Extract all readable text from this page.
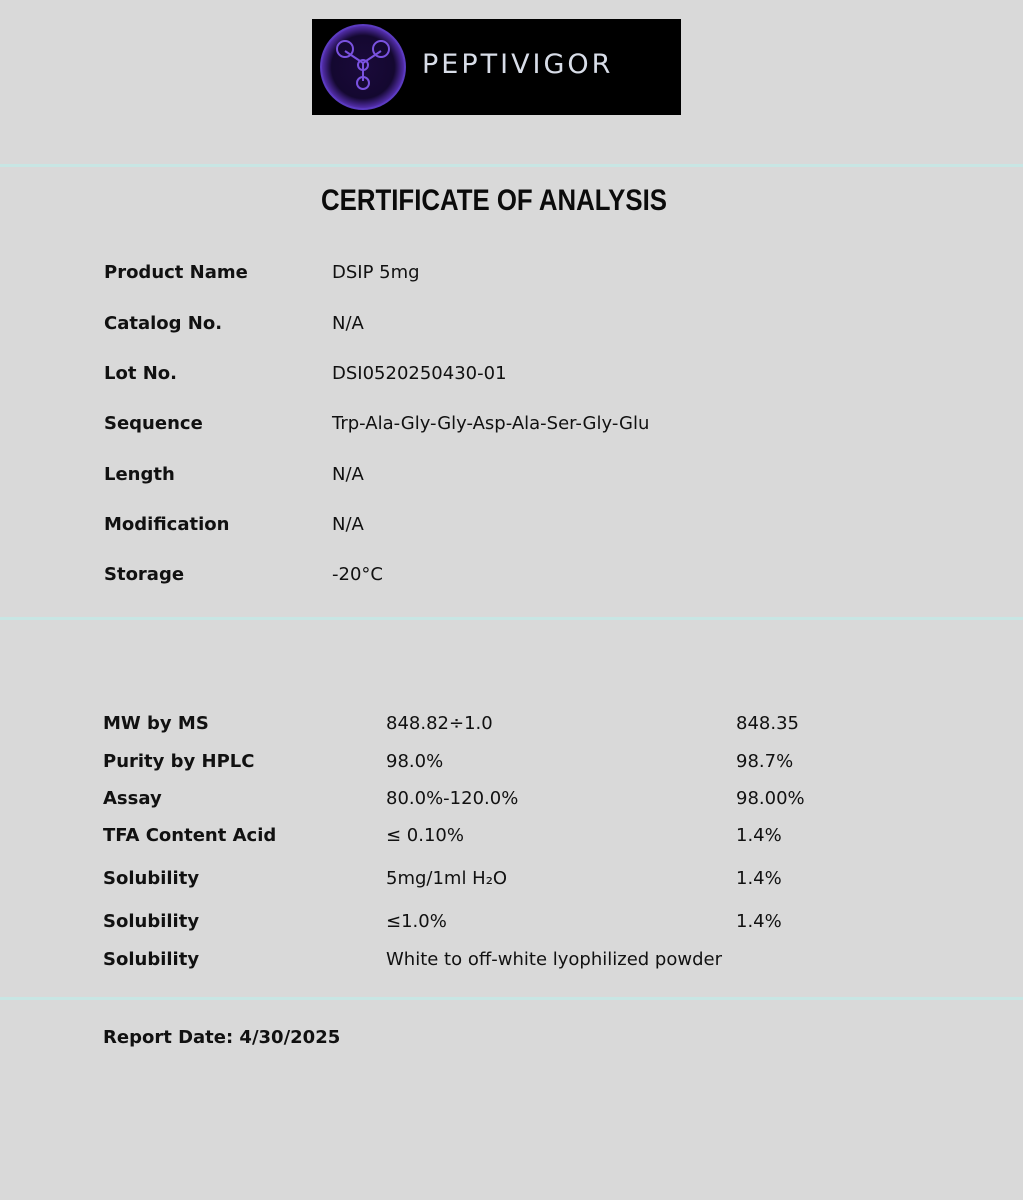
PEPTIVIGOR
CERTIFICATE OF ANALYSIS
Product Name	DSIP 5mg
Catalog No.	N/A
Lot No.	DSI0520250430-01
Sequence	Trp-Ala-Gly-Gly-Asp-Ala-Ser-Gly-Glu
Length	N/A
Modification	N/A
Storage	-20°C
MW by MS	848.82÷1.0	848.35
Purity by HPLC	98.0%	98.7%
Assay	80.0%-120.0%	98.00%
TFA Content Acid	≤ 0.10%	1.4%
Solubility	5mg/1ml H₂O	1.4%
Solubility	≤1.0%	1.4%
Solubility	White to off-white lyophilized powder
Report Date: 4/30/2025
